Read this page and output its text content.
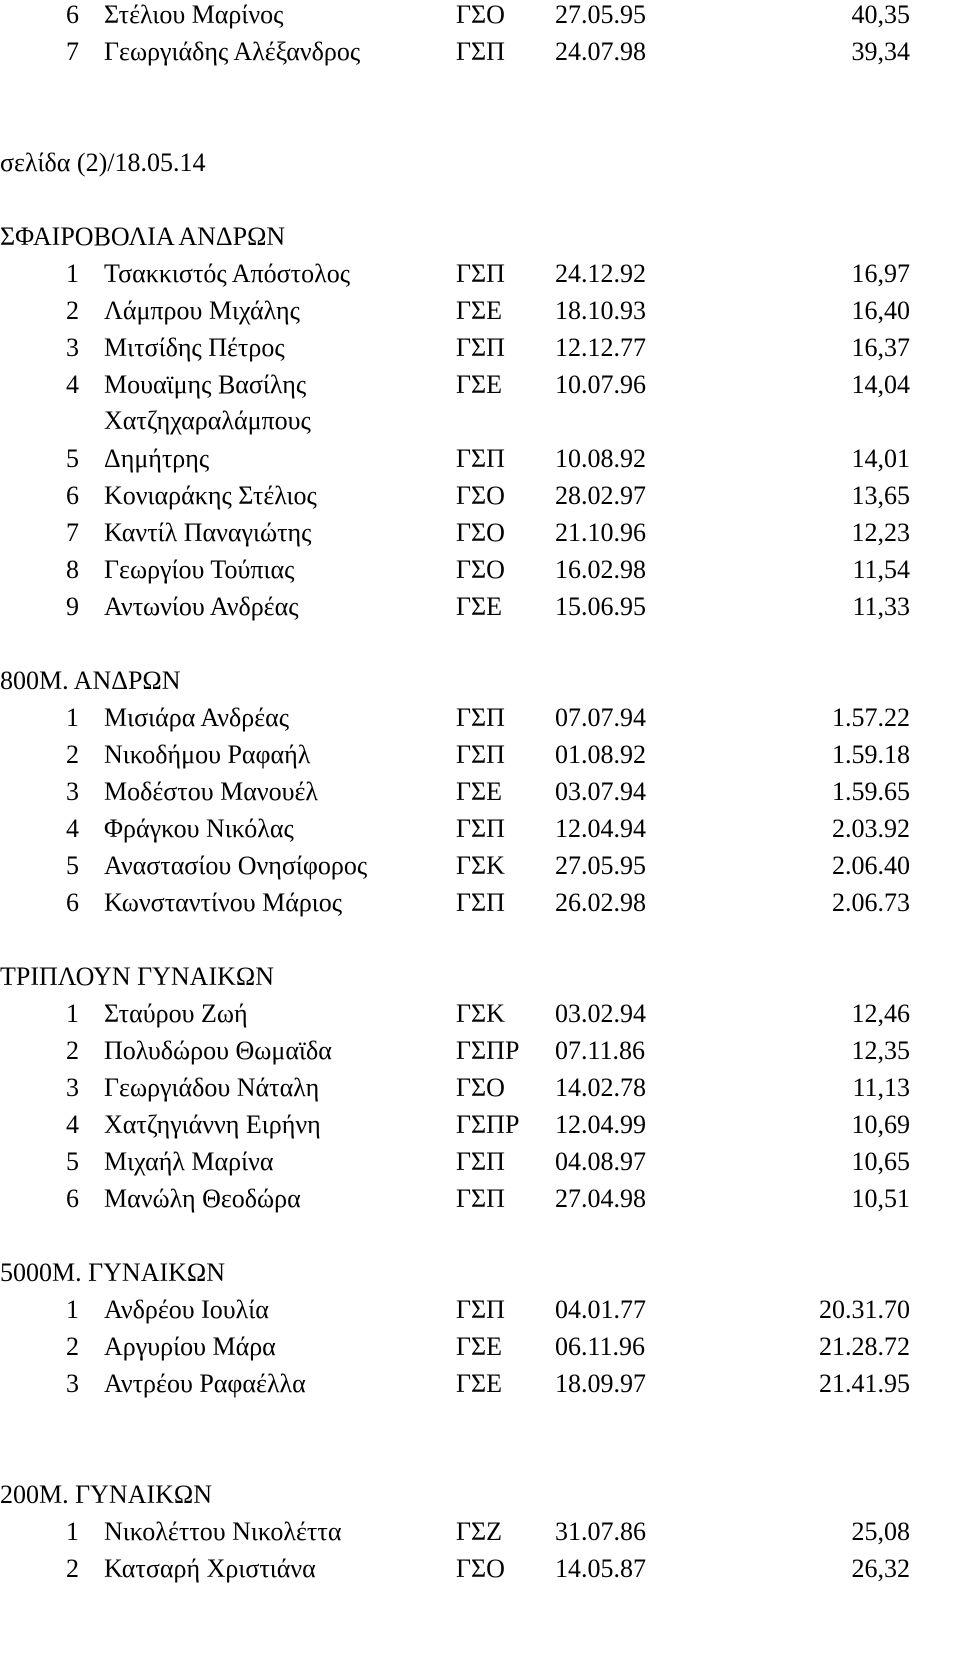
6 Στέλιου Μαρίνος	ΓΣΟ 27.05.95	40,35
7 Γεωργιάδης Αλέξανδρος	ΓΣΠ 24.07.98	39,34
σελίδα (2)/18.05.14
ΣΦΑΙΡΟΒΟΛΙΑ ΑΝΔΡΩΝ
1 Τσακκιστός Απόστολος	ΓΣΠ 24.12.92	16,97
2 Λάμπρου Μιχάλης	ΓΣΕ 18.10.93	16,40
3 Μιτσίδης Πέτρος	ΓΣΠ 12.12.77	16,37
4 Μουαϊμης Βασίλης	ΓΣΕ 10.07.96	14,04
Χατζηχαραλάμπους
5 Δημήτρης	ΓΣΠ 10.08.92	14,01
6 Κονιαράκης Στέλιος	ΓΣΟ 28.02.97	13,65
7 Καντίλ Παναγιώτης	ΓΣΟ 21.10.96	12,23
8 Γεωργίου Τούπιας	ΓΣΟ 16.02.98	11,54
9 Αντωνίου Ανδρέας	ΓΣΕ 15.06.95	11,33
800Μ. ΑΝΔΡΩΝ
1 Μισιάρα Ανδρέας	ΓΣΠ 07.07.94	1.57.22
2 Νικοδήμου Ραφαήλ	ΓΣΠ 01.08.92	1.59.18
3 Μοδέστου Μανουέλ	ΓΣΕ 03.07.94	1.59.65
4 Φράγκου Νικόλας	ΓΣΠ 12.04.94	2.03.92
5 Αναστασίου Ονησίφορος	ΓΣΚ 27.05.95	2.06.40
6 Κωνσταντίνου Μάριος	ΓΣΠ 26.02.98	2.06.73
ΤΡΙΠΛΟΥΝ ΓΥΝΑΙΚΩΝ
1 Σταύρου Ζωή	ΓΣΚ 03.02.94	12,46
2 Πολυδώρου Θωμαϊδα	ΓΣΠΡ 07.11.86	12,35
3 Γεωργιάδου Νάταλη	ΓΣΟ 14.02.78	11,13
4 Χατζηγιάννη Ειρήνη	ΓΣΠΡ 12.04.99	10,69
5 Μιχαήλ Μαρίνα	ΓΣΠ 04.08.97	10,65
6 Μανώλη Θεοδώρα	ΓΣΠ 27.04.98	10,51
5000Μ. ΓΥΝΑΙΚΩΝ
1 Ανδρέου Ιουλία	ΓΣΠ 04.01.77	20.31.70
2 Αργυρίου Μάρα	ΓΣΕ 06.11.96	21.28.72
3 Αντρέου Ραφαέλλα	ΓΣΕ 18.09.97	21.41.95
200Μ. ΓΥΝΑΙΚΩΝ
1 Νικολέττου Νικολέττα	ΓΣΖ 31.07.86	25,08
2 Κατσαρή Χριστιάνα	ΓΣΟ 14.05.87	26,32
